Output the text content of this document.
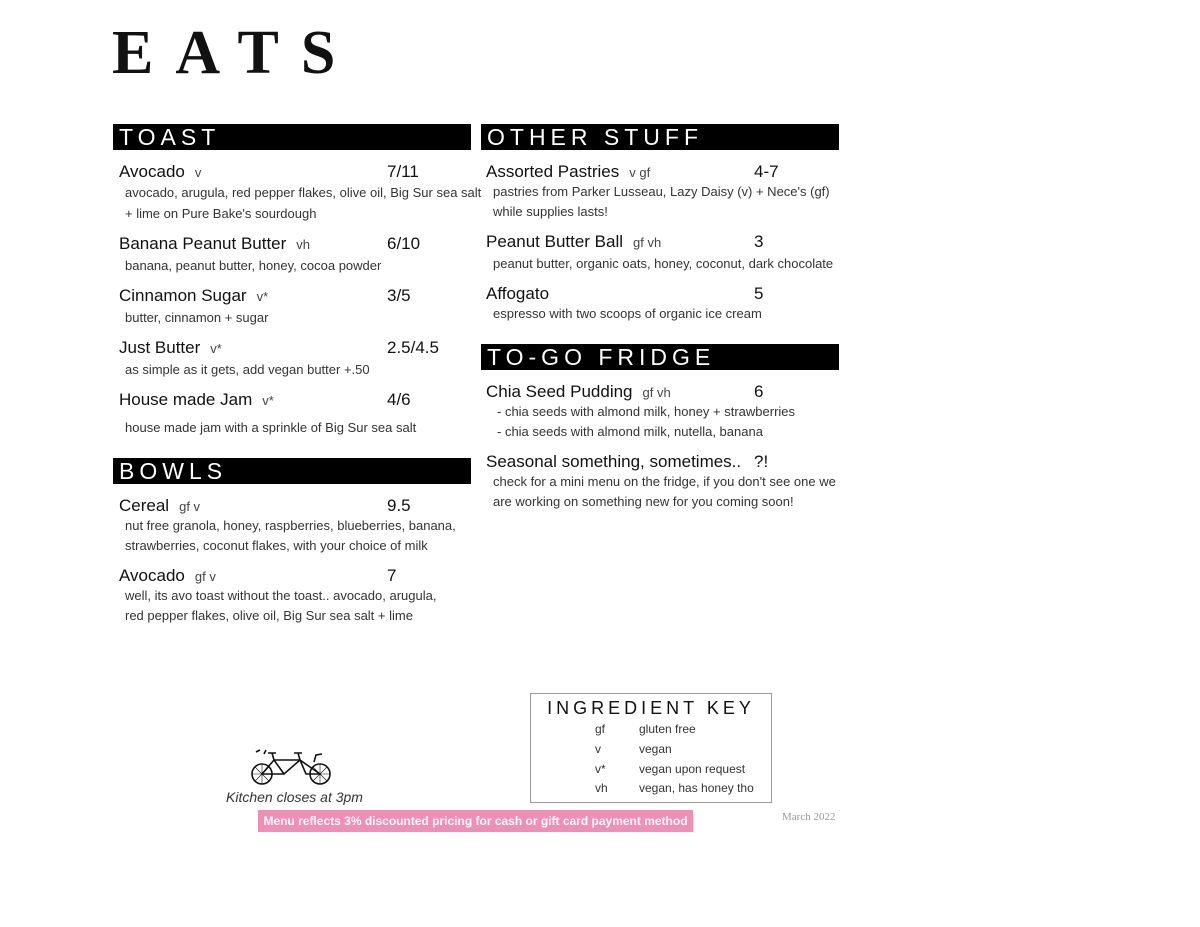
EATS
TOAST
Avocado v	7/11
avocado, arugula, red pepper flakes, olive oil, Big Sur sea salt
+ lime on Pure Bake's sourdough
Banana Peanut Butter vh	6/10
banana, peanut butter, honey, cocoa powder
Cinnamon Sugar v*	3/5
butter, cinnamon + sugar
Just Butter v*	2.5/4.5
as simple as it gets, add vegan butter +.50
House made Jam v*	4/6
house made jam with a sprinkle of Big Sur sea salt
BOWLS
Cereal gf v	9.5
nut free granola, honey, raspberries, blueberries, banana,
strawberries, coconut flakes, with your choice of milk
Avocado gf v	7
well, its avo toast without the toast.. avocado, arugula,
red pepper flakes, olive oil, Big Sur sea salt + lime
OTHER STUFF
Assorted Pastries v gf	4-7
pastries from Parker Lusseau, Lazy Daisy (v) + Nece's (gf)
while supplies lasts!
Peanut Butter Ball gf vh	3
peanut butter, organic oats, honey, coconut, dark chocolate
Affogato	5
espresso with two scoops of organic ice cream
TO-GO FRIDGE
Chia Seed Pudding gf vh	6
- chia seeds with almond milk, honey + strawberries
- chia seeds with almond milk, nutella, banana
Seasonal something, sometimes.. ?!
check for a mini menu on the fridge, if you don't see one we
are working on something new for you coming soon!
INGREDIENT KEY
gf	gluten free
v	vegan
v*	vegan upon request
vh	vegan, has honey tho
Kitchen closes at 3pm
Menu reflects 3% discounted pricing for cash or gift card payment method	March 2022
